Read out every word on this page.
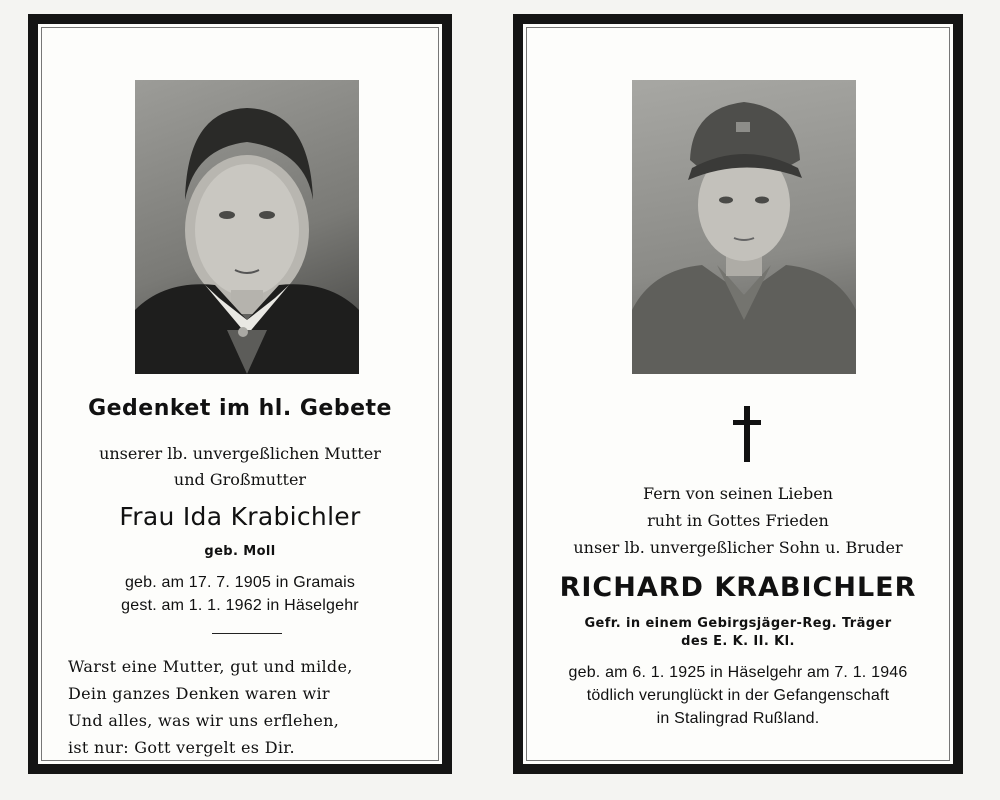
Gedenket im hl. Gebete
unserer lb. unvergeßlichen Mutter
und Großmutter
Frau Ida Krabichler
geb. Moll
geb. am 17. 7. 1905 in Gramais
gest. am 1. 1. 1962 in Häselgehr
Warst eine Mutter, gut und milde,
Dein ganzes Denken waren wir
Und alles, was wir uns erflehen,
ist nur: Gott vergelt es Dir.
Fern von seinen Lieben
ruht in Gottes Frieden
unser lb. unvergeßlicher Sohn u. Bruder
RICHARD KRABICHLER
Gefr. in einem Gebirgsjäger-Reg. Träger
des E. K. II. Kl.
geb. am 6. 1. 1925 in Häselgehr am 7. 1. 1946
tödlich verunglückt in der Gefangenschaft
in Stalingrad Rußland.
